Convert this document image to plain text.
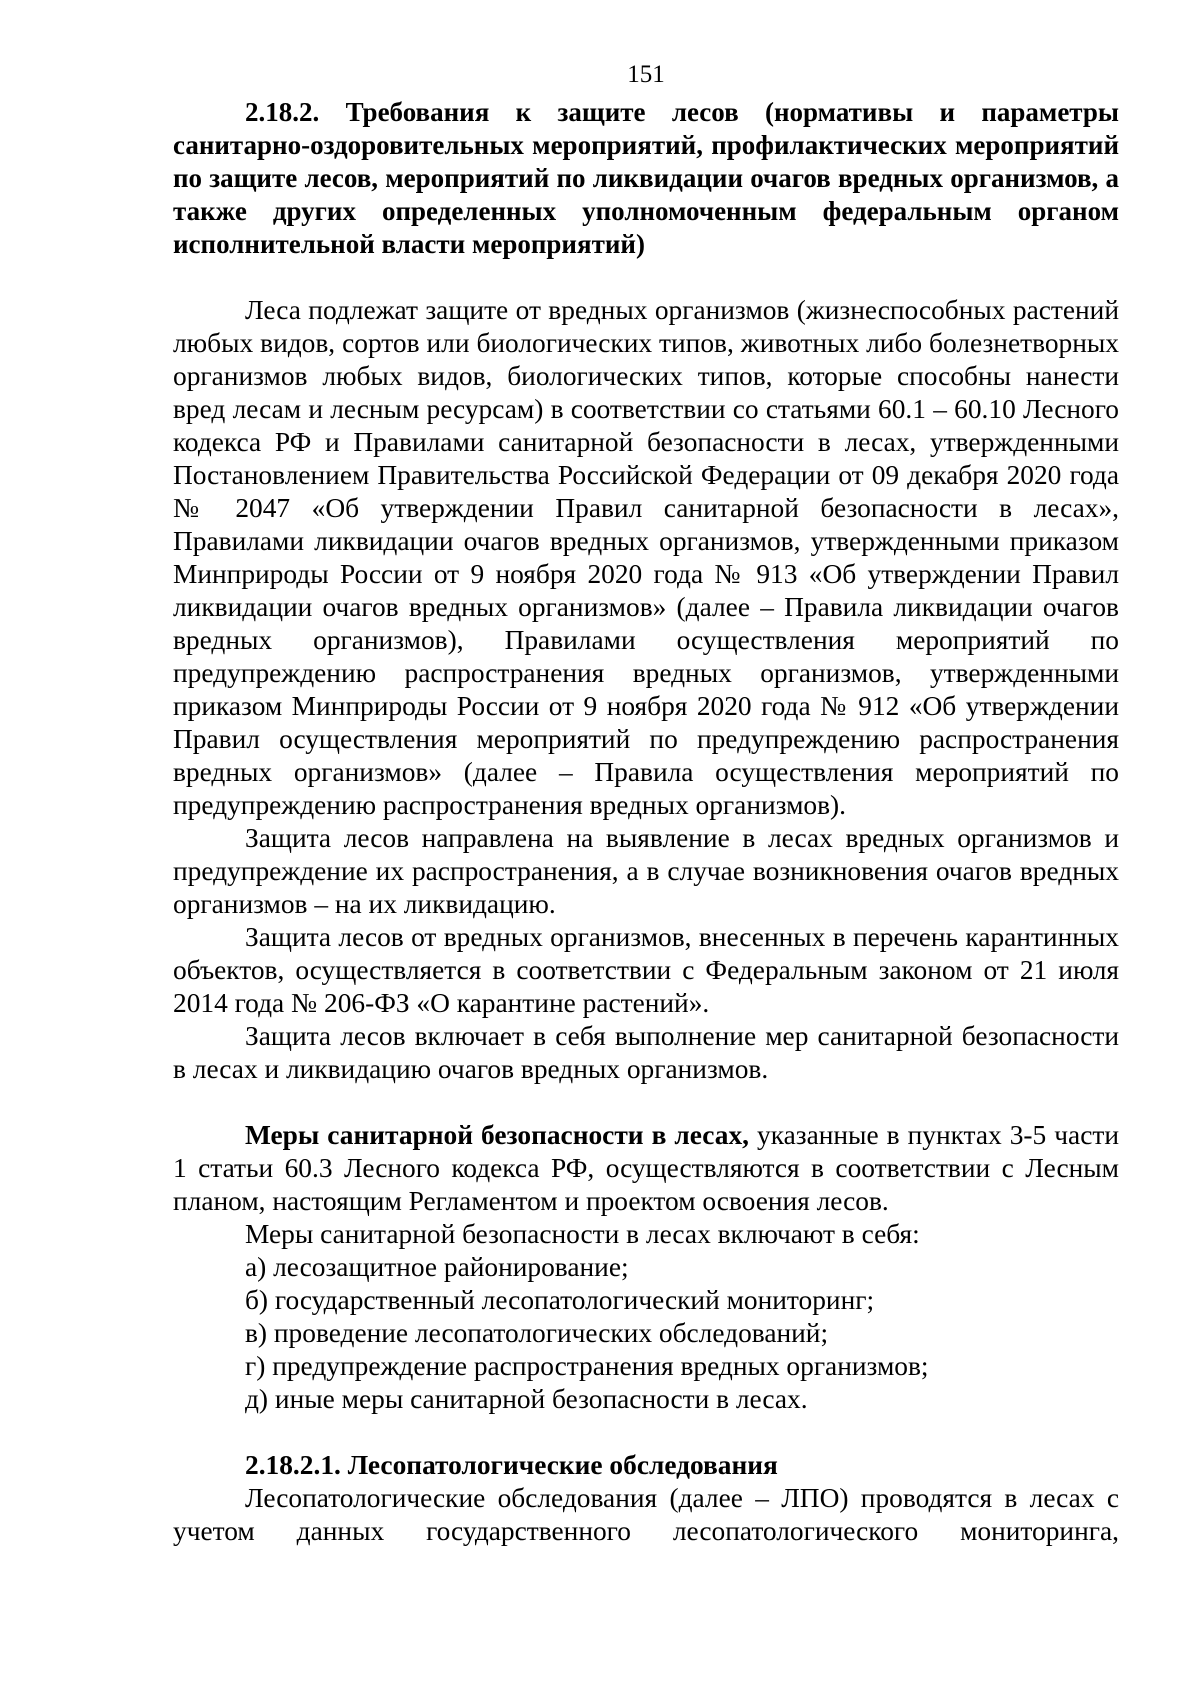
151

2.18.2. Требования к защите лесов (нормативы и параметры санитарно-оздоровительных мероприятий, профилактических мероприятий по защите лесов, мероприятий по ликвидации очагов вредных организмов, а также других определенных уполномоченным федеральным органом исполнительной власти мероприятий)

Леса подлежат защите от вредных организмов (жизнеспособных растений любых видов, сортов или биологических типов, животных либо болезнетворных организмов любых видов, биологических типов, которые способны нанести вред лесам и лесным ресурсам) в соответствии со статьями 60.1 – 60.10 Лесного кодекса РФ и Правилами санитарной безопасности в лесах, утвержденными Постановлением Правительства Российской Федерации от 09 декабря 2020 года № 2047 «Об утверждении Правил санитарной безопасности в лесах», Правилами ликвидации очагов вредных организмов, утвержденными приказом Минприроды России от 9 ноября 2020 года № 913 «Об утверждении Правил ликвидации очагов вредных организмов» (далее – Правила ликвидации очагов вредных организмов), Правилами осуществления мероприятий по предупреждению распространения вредных организмов, утвержденными приказом Минприроды России от 9 ноября 2020 года № 912 «Об утверждении Правил осуществления мероприятий по предупреждению распространения вредных организмов» (далее – Правила осуществления мероприятий по предупреждению распространения вредных организмов).

Защита лесов направлена на выявление в лесах вредных организмов и предупреждение их распространения, а в случае возникновения очагов вредных организмов – на их ликвидацию.

Защита лесов от вредных организмов, внесенных в перечень карантинных объектов, осуществляется в соответствии с Федеральным законом от 21 июля 2014 года № 206-ФЗ «О карантине растений».

Защита лесов включает в себя выполнение мер санитарной безопасности в лесах и ликвидацию очагов вредных организмов.

Меры санитарной безопасности в лесах, указанные в пунктах 3-5 части 1 статьи 60.3 Лесного кодекса РФ, осуществляются в соответствии с Лесным планом, настоящим Регламентом и проектом освоения лесов.

Меры санитарной безопасности в лесах включают в себя:

а) лесозащитное районирование;

б) государственный лесопатологический мониторинг;

в) проведение лесопатологических обследований;

г) предупреждение распространения вредных организмов;

д) иные меры санитарной безопасности в лесах.

2.18.2.1. Лесопатологические обследования

Лесопатологические обследования (далее – ЛПО) проводятся в лесах с учетом данных государственного лесопатологического мониторинга,
